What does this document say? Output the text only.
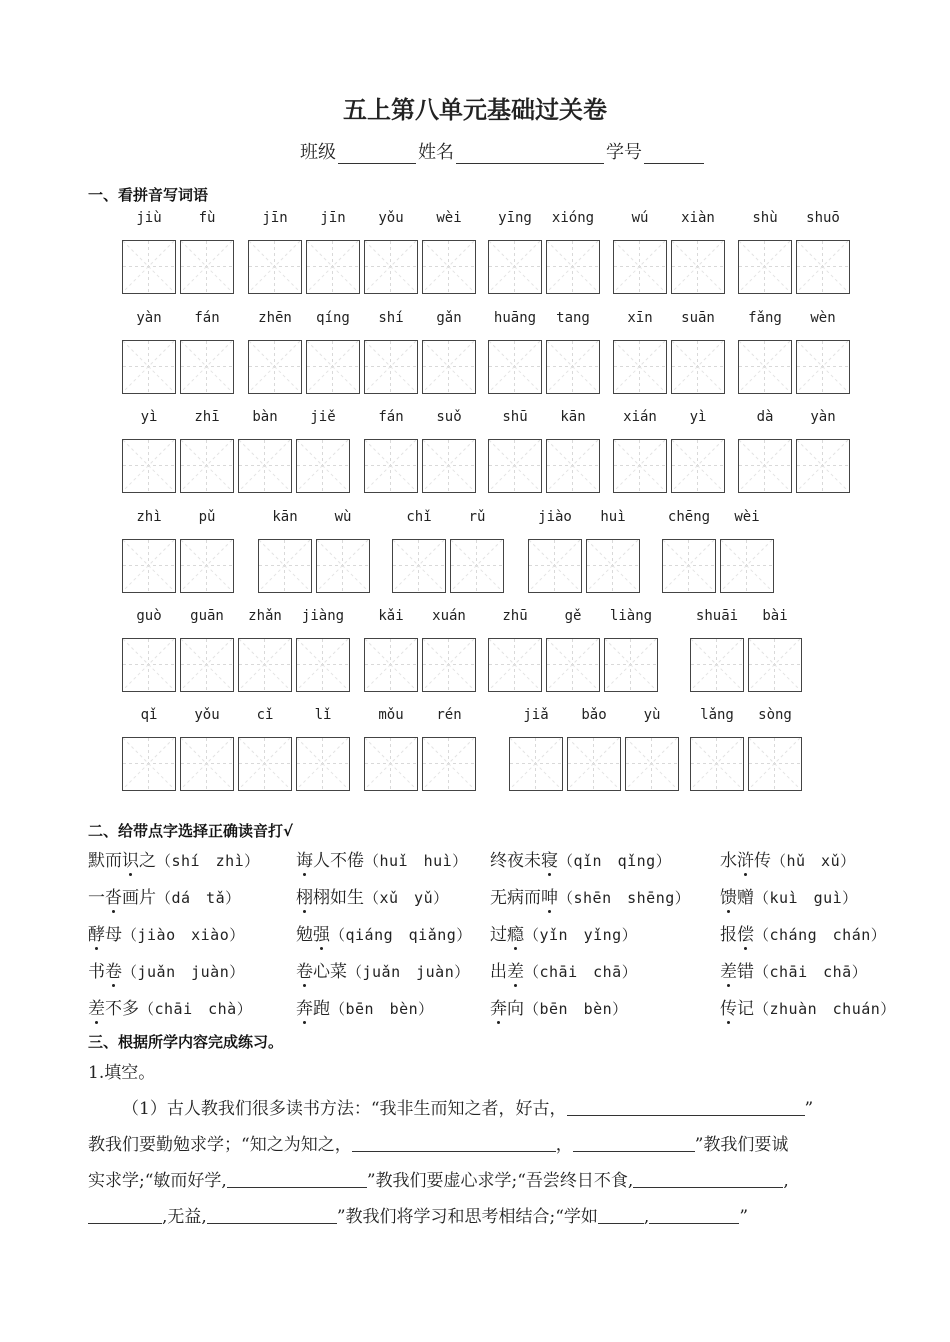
五上第八单元基础过关卷
班级	姓名	学号
一、看拼音写词语
jiù	fù	jīn	jīn	yǒu	wèi	yīng	xióng	wú	xiàn	shù	shuō
yàn	fán	zhēn	qíng	shí	gǎn	huāng	tang	xīn	suān	fǎng	wèn
yì	zhī	bàn	jiě	fán	suǒ	shū	kān	xián	yì	dà	yàn
zhì	pǔ	kān	wù	chǐ	rǔ	jiào	huì	chēng	wèi
guò	guān	zhǎn	jiàng	kǎi	xuán	zhū	gě	liàng	shuāi	bài
qǐ	yǒu	cǐ	lǐ	mǒu	rén	jiǎ	bǎo	yù	lǎng	sòng
二、给带点字选择正确读音打√
默而识之（shí　zhì） 诲人不倦（huǐ　huì） 终夜未寝（qǐn　qǐng）	水浒传（hǔ　xǔ）
一沓画片（dá　tǎ）	栩栩如生（xǔ　yǔ） 无病而呻（shēn　shēng） 馈赠（kuì　guì）
酵母（jiào　xiào）	勉强（qiáng　qiǎng） 过瘾（yǐn　yǐng）	报偿（cháng　chán）
书卷（juǎn　juàn）	卷心菜（juǎn　juàn） 出差（chāi　chā）	差错（chāi　chā）
差不多（chāi　chà）	奔跑（bēn　bèn）	奔向（bēn　bèn）	传记（zhuàn　chuán）
三、根据所学内容完成练习。
1.填空。
（1）古人教我们很多读书方法：“我非生而知之者，好古，	”
教我们要勤勉求学；“知之为知之，	，	”教我们要诚
实求学;“敏而好学,	”教我们要虚心求学;“吾尝终日不食,	,
,无益,	”教我们将学习和思考相结合;“学如	,	”
